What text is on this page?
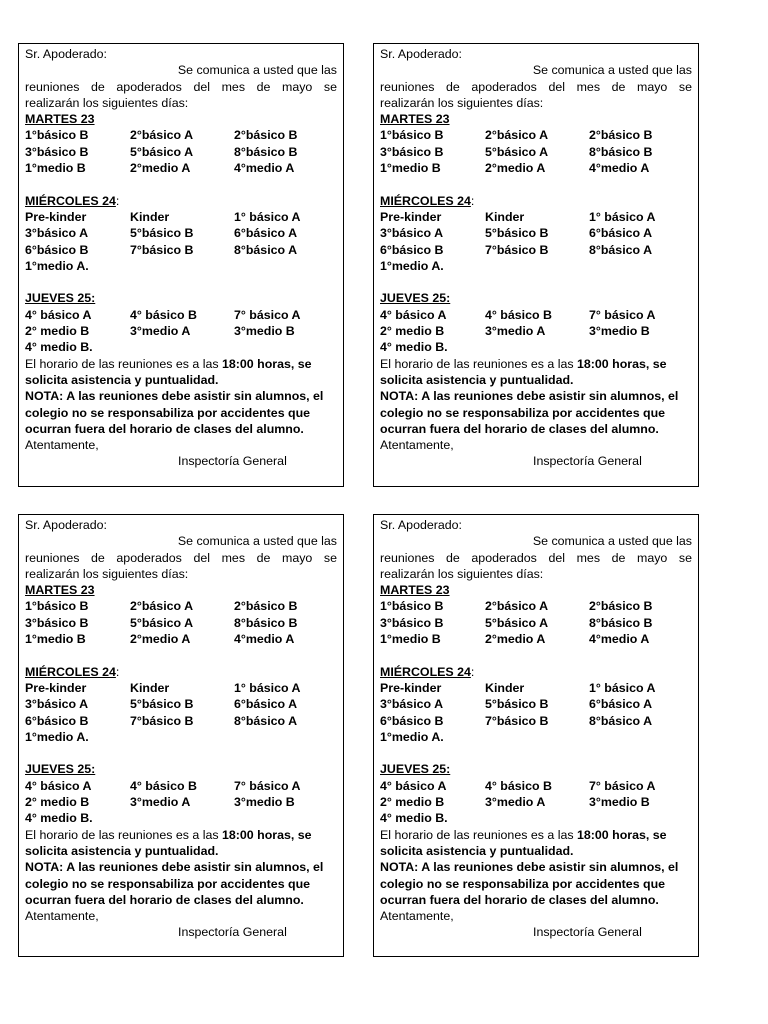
Sr. Apoderado:
Se comunica a usted que las
reuniones de apoderados del mes de mayo se
realizarán los siguientes días:
MARTES 23
1°básico B	2°básico A	2°básico B
3°básico B	5°básico A	8°básico B
1°medio B	2°medio A	4°medio A
MIÉRCOLES 24:
Pre-kinder	Kinder	1° básico A
3°básico A	5°básico B	6°básico A
6°básico B	7°básico B	8°básico A
1°medio A.
JUEVES 25:
4° básico A	4° básico B	7° básico A
2° medio B	3°medio A	3°medio B
4° medio B.
El horario de las reuniones es a las 18:00 horas, se
solicita asistencia y puntualidad.
NOTA: A las reuniones debe asistir sin alumnos, el
colegio no se responsabiliza por accidentes que
ocurran fuera del horario de clases del alumno.
Atentamente,
Inspectoría General
Sr. Apoderado:
Se comunica a usted que las
reuniones de apoderados del mes de mayo se
realizarán los siguientes días:
MARTES 23
1°básico B	2°básico A	2°básico B
3°básico B	5°básico A	8°básico B
1°medio B	2°medio A	4°medio A
MIÉRCOLES 24:
Pre-kinder	Kinder	1° básico A
3°básico A	5°básico B	6°básico A
6°básico B	7°básico B	8°básico A
1°medio A.
JUEVES 25:
4° básico A	4° básico B	7° básico A
2° medio B	3°medio A	3°medio B
4° medio B.
El horario de las reuniones es a las 18:00 horas, se
solicita asistencia y puntualidad.
NOTA: A las reuniones debe asistir sin alumnos, el
colegio no se responsabiliza por accidentes que
ocurran fuera del horario de clases del alumno.
Atentamente,
Inspectoría General
Sr. Apoderado:
Se comunica a usted que las
reuniones de apoderados del mes de mayo se
realizarán los siguientes días:
MARTES 23
1°básico B	2°básico A	2°básico B
3°básico B	5°básico A	8°básico B
1°medio B	2°medio A	4°medio A
MIÉRCOLES 24:
Pre-kinder	Kinder	1° básico A
3°básico A	5°básico B	6°básico A
6°básico B	7°básico B	8°básico A
1°medio A.
JUEVES 25:
4° básico A	4° básico B	7° básico A
2° medio B	3°medio A	3°medio B
4° medio B.
El horario de las reuniones es a las 18:00 horas, se
solicita asistencia y puntualidad.
NOTA: A las reuniones debe asistir sin alumnos, el
colegio no se responsabiliza por accidentes que
ocurran fuera del horario de clases del alumno.
Atentamente,
Inspectoría General
Sr. Apoderado:
Se comunica a usted que las
reuniones de apoderados del mes de mayo se
realizarán los siguientes días:
MARTES 23
1°básico B	2°básico A	2°básico B
3°básico B	5°básico A	8°básico B
1°medio B	2°medio A	4°medio A
MIÉRCOLES 24:
Pre-kinder	Kinder	1° básico A
3°básico A	5°básico B	6°básico A
6°básico B	7°básico B	8°básico A
1°medio A.
JUEVES 25:
4° básico A	4° básico B	7° básico A
2° medio B	3°medio A	3°medio B
4° medio B.
El horario de las reuniones es a las 18:00 horas, se
solicita asistencia y puntualidad.
NOTA: A las reuniones debe asistir sin alumnos, el
colegio no se responsabiliza por accidentes que
ocurran fuera del horario de clases del alumno.
Atentamente,
Inspectoría General
